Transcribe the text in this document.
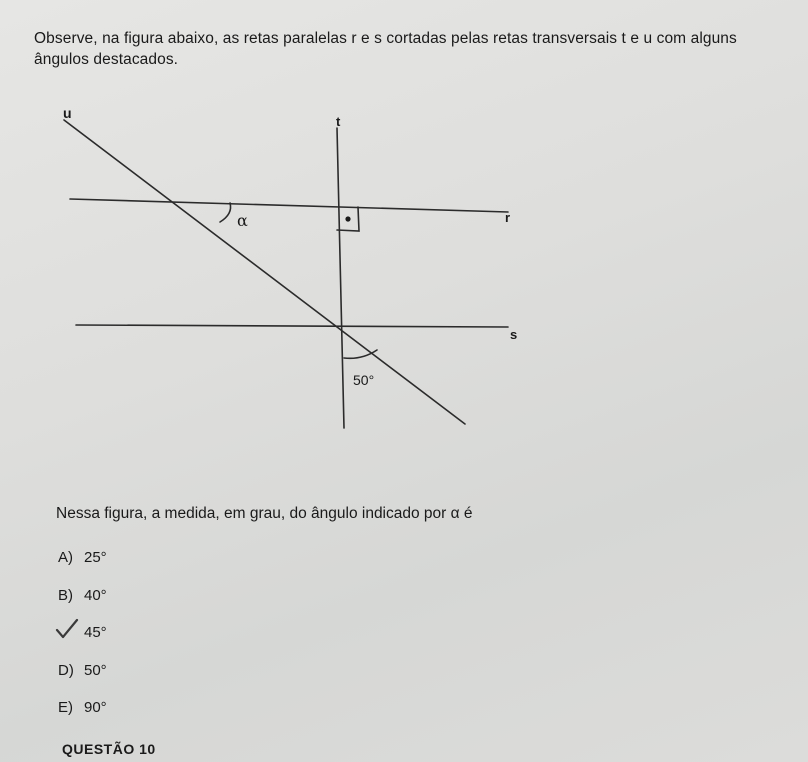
Observe, na figura abaixo, as retas paralelas r e s cortadas pelas retas transversais t e u com alguns ângulos destacados.

u
t
r
s
α
50°

Nessa figura, a medida, em grau, do ângulo indicado por α é

A) 25°
B) 40°
45°
D) 50°
E) 90°

QUESTÃO 10
